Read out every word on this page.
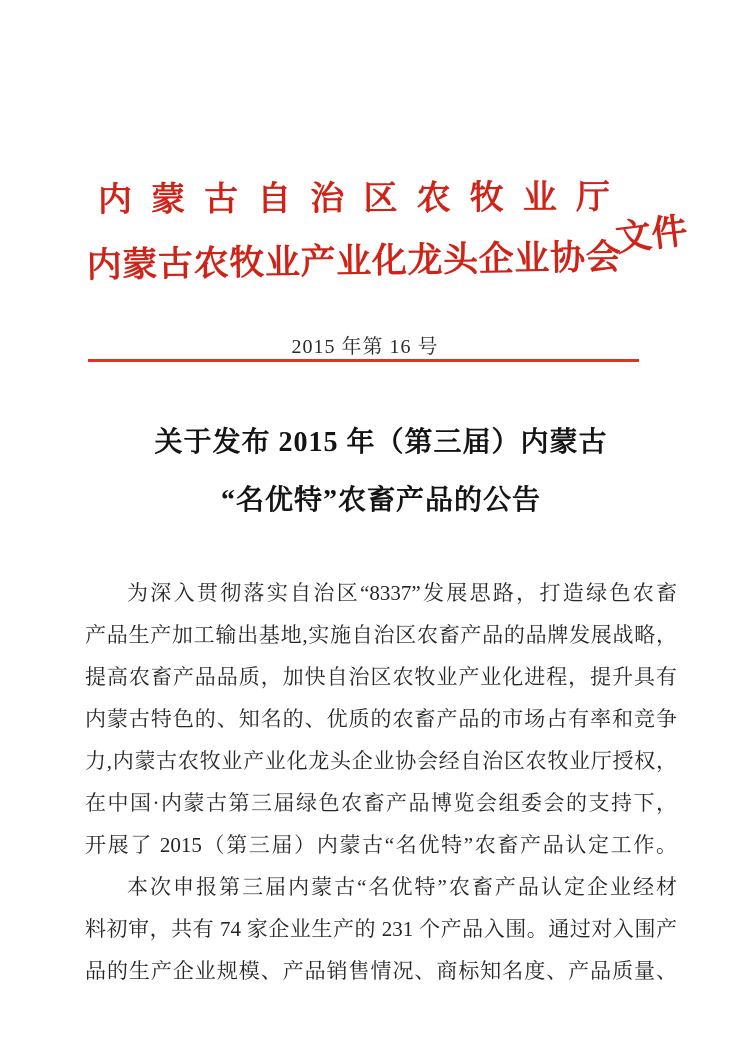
内蒙古自治区农牧业厅
内蒙古农牧业产业化龙头企业协会
文件
2015 年第 16 号
关于发布 2015 年（第三届）内蒙古
“名优特”农畜产品的公告
为深入贯彻落实自治区“8337”发展思路，打造绿色农畜
产品生产加工输出基地,实施自治区农畜产品的品牌发展战略，
提高农畜产品品质，加快自治区农牧业产业化进程，提升具有
内蒙古特色的、知名的、优质的农畜产品的市场占有率和竞争
力,内蒙古农牧业产业化龙头企业协会经自治区农牧业厅授权，
在中国·内蒙古第三届绿色农畜产品博览会组委会的支持下，
开展了 2015（第三届）内蒙古“名优特”农畜产品认定工作。
本次申报第三届内蒙古“名优特”农畜产品认定企业经材
料初审，共有 74 家企业生产的 231 个产品入围。通过对入围产
品的生产企业规模、产品销售情况、商标知名度、产品质量、
